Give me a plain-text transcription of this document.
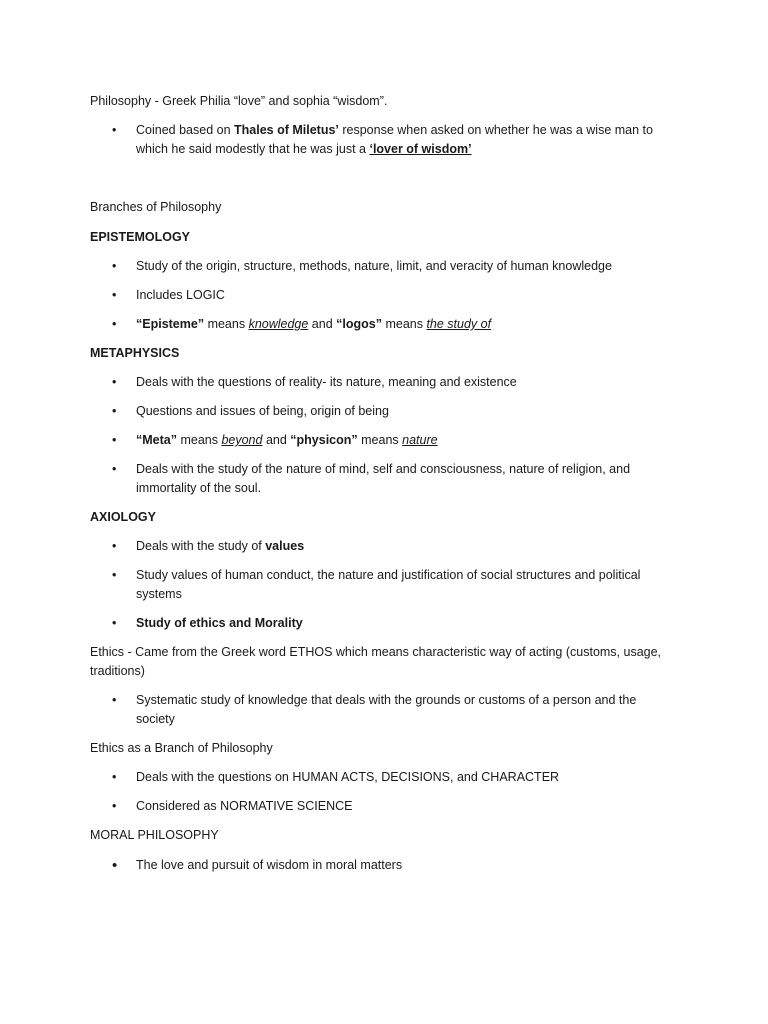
Philosophy - Greek Philia “love” and sophia “wisdom”.

•	Coined based on Thales of Miletus’ response when asked on whether he was a wise man to which he said modestly that he was just a ‘lover of wisdom’

Branches of Philosophy

EPISTEMOLOGY

•	Study of the origin, structure, methods, nature, limit, and veracity of human knowledge
•	Includes LOGIC
•	“Episteme” means knowledge and “logos” means the study of

METAPHYSICS

•	Deals with the questions of reality- its nature, meaning and existence
•	Questions and issues of being, origin of being
•	“Meta” means beyond and “physicon” means nature
•	Deals with the study of the nature of mind, self and consciousness, nature of religion, and immortality of the soul.

AXIOLOGY

•	Deals with the study of values
•	Study values of human conduct, the nature and justification of social structures and political systems
•	Study of ethics and Morality

Ethics - Came from the Greek word ETHOS which means characteristic way of acting (customs, usage, traditions)

•	Systematic study of knowledge that deals with the grounds or customs of a person and the society

Ethics as a Branch of Philosophy

•	Deals with the questions on HUMAN ACTS, DECISIONS, and CHARACTER
•	Considered as NORMATIVE SCIENCE

MORAL PHILOSOPHY

•	The love and pursuit of wisdom in moral matters
